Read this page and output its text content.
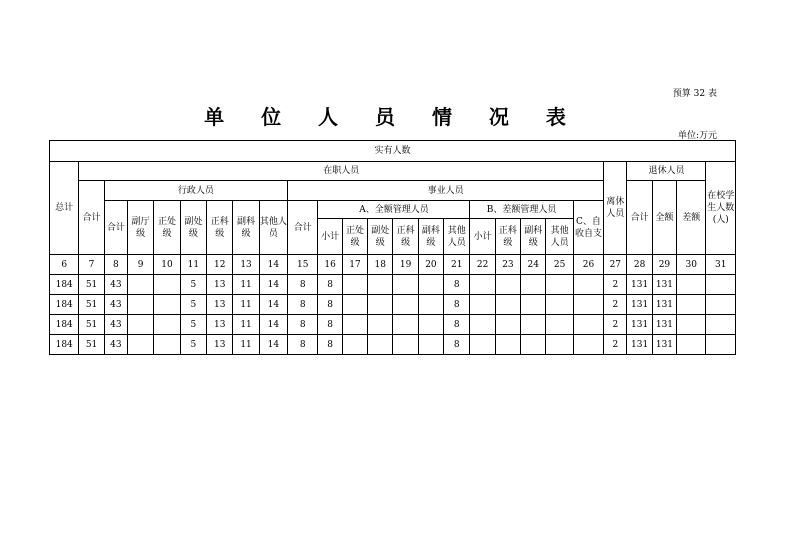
预算 32 表
单 位 人 员 情 况 表
单位:万元
实有人数																									
总计	在职人员																				离休人员	退休人员			在校学生人数(人)
	合计	行政人员							事业人员													合计	全额	差额	
		合计	副厅级	正处级	副处级	正科级	副科级	其他人员	合计	A、全额管理人员						B、差额管理人员				C、自收自支					
										小计	正处级	副处级	正科级	副科级	其他人员	小计	正科级	副科级	其他人员						
6	7	8	9	10	11	12	13	14	15	16	17	18	19	20	21	22	23	24	25	26	27	28	29	30	31
184	51	43			5	13	11	14	8	8					8						2	131	131		
184	51	43			5	13	11	14	8	8					8						2	131	131		
184	51	43			5	13	11	14	8	8					8						2	131	131		
184	51	43			5	13	11	14	8	8					8						2	131	131		
